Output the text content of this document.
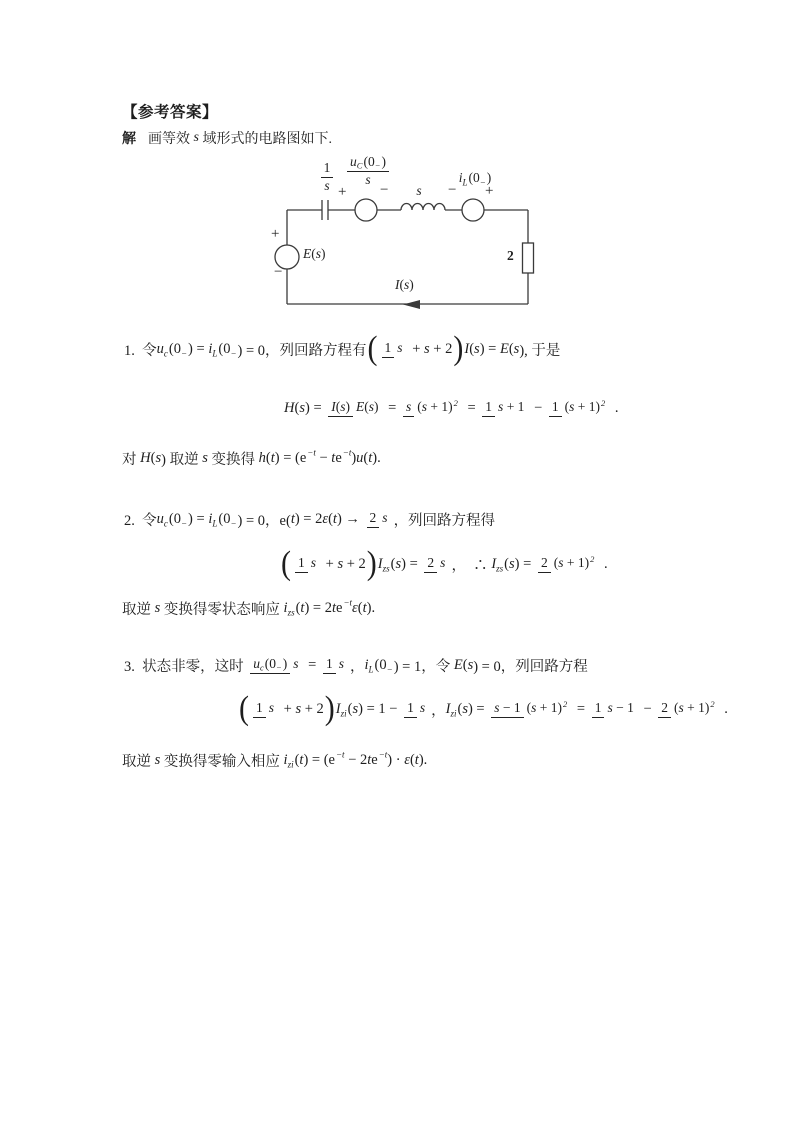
【参考答案】
解 画等效 s 域形式的电路图如下.
$\frac{1}{s} \frac{\text{u C (0 − )}}{s}$
+ − s − +
i L (0 − )
+
−
E ( s )	2
I ( s )
1.  令 u c (0 − ) = i L (0 − ) = 0，列回路方程有 ( 1 s + s + 2 ) I ( s ) = E ( s ), 于是
H ( s ) = I ( s ) E ( s ) = s ( s + 1) 2 = 1 s + 1 − 1 ( s + 1) 2 .
对 H ( s ) 取逆 s 变换得 h ( t ) = ( e −t − t e −t ) u ( t ).
2.  令 u c (0 − ) = i L (0 − ) = 0，e( t ) = 2 ε ( t ) → 2 s ，列回路方程得
( 1 s + s + 2 ) I zs ( s ) = 2 s ，  ∴ I zs ( s ) = 2 ( s + 1) 2 .
取逆 s 变换得零状态响应 i zs ( t ) = 2 t e −t ε ( t ).
3.  状态非零，这时 u c (0 − ) s = 1 s ， i L (0 − ) = 1，令 E ( s ) = 0，列回路方程
( 1 s + s + 2 ) I zi ( s ) = 1 − 1 s ， I zi ( s ) = s − 1 ( s + 1) 2 = 1 s − 1 − 2 ( s + 1) 2 .
取逆 s 变换得零输入相应 i zi ( t ) = ( e −t − 2 t e −t ) · ε ( t ).
